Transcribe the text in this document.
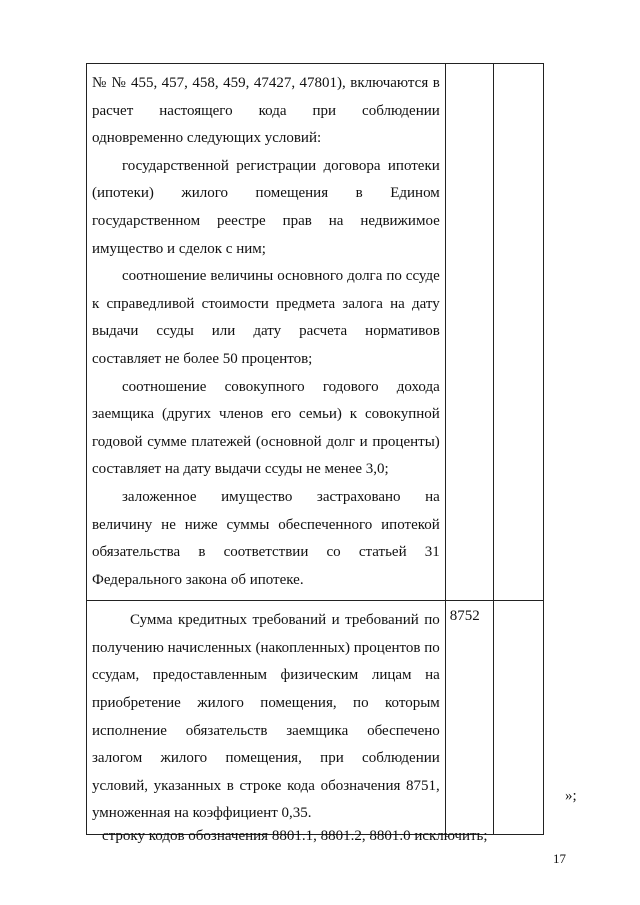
№ № 455, 457, 458, 459, 47427, 47801), включаются в расчет настоящего кода при соблюдении одновременно следующих условий:

государственной регистрации договора ипотеки (ипотеки) жилого помещения в Едином государственном реестре прав на недвижимое имущество и сделок с ним;

соотношение величины основного долга по ссуде к справедливой стоимости предмета залога на дату выдачи ссуды или дату расчета нормативов составляет не более 50 процентов;

соотношение совокупного годового дохода заемщика (других членов его семьи) к совокупной годовой сумме платежей (основной долг и проценты) составляет на дату выдачи ссуды не менее 3,0;

заложенное имущество застраховано на величину не ниже суммы обеспеченного ипотекой обязательства в соответствии со статьей 31 Федерального закона об ипотеке.		

Сумма кредитных требований и требований по получению начисленных (накопленных) процентов по ссудам, предоставленным физическим лицам на приобретение жилого помещения, по которым исполнение обязательств заемщика обеспечено залогом жилого помещения, при соблюдении условий, указанных в строке кода обозначения 8751, умноженная на коэффициент 0,35.	8752	

»;
строку кодов обозначения 8801.1, 8801.2, 8801.0 исключить;
17
